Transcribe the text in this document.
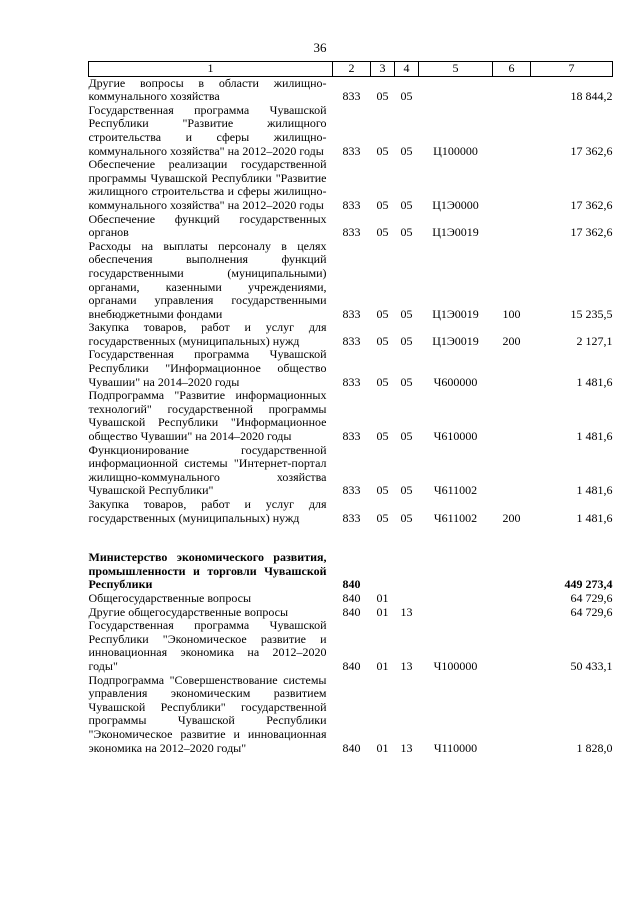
36
1	2	3	4	5	6	7
Другие вопросы в области жилищно-коммунального хозяйства	833	05	05			18 844,2
Государственная программа Чувашской Республики "Развитие жилищного строительства и сферы жилищно-коммунального хозяйства" на 2012–2020 годы	833	05	05	Ц100000		17 362,6
Обеспечение реализации государственной программы Чувашской Республики "Развитие жилищного строительства и сферы жилищно-коммунального хозяйства" на 2012–2020 годы	833	05	05	Ц1Э0000		17 362,6
Обеспечение функций государственных органов	833	05	05	Ц1Э0019		17 362,6
Расходы на выплаты персоналу в целях обеспечения выполнения функций государственными (муниципальными) органами, казенными учреждениями, органами управления государственными внебюджетными фондами	833	05	05	Ц1Э0019	100	15 235,5
Закупка товаров, работ и услуг для государственных (муниципальных) нужд	833	05	05	Ц1Э0019	200	2 127,1
Государственная программа Чувашской Республики "Информационное общество Чувашии" на 2014–2020 годы	833	05	05	Ч600000		1 481,6
Подпрограмма "Развитие информационных технологий" государственной программы Чувашской Республики "Информационное общество Чувашии" на 2014–2020 годы	833	05	05	Ч610000		1 481,6
Функционирование государственной информационной системы "Интернет-портал жилищно-коммунального хозяйства Чувашской Республики"	833	05	05	Ч611002		1 481,6
Закупка товаров, работ и услуг для государственных (муниципальных) нужд	833	05	05	Ч611002	200	1 481,6

Министерство экономического развития, промышленности и торговли Чувашской Республики	840					449 273,4
Общегосударственные вопросы	840	01				64 729,6
Другие общегосударственные вопросы	840	01	13			64 729,6
Государственная программа Чувашской Республики "Экономическое развитие и инновационная экономика на 2012–2020 годы"	840	01	13	Ч100000		50 433,1
Подпрограмма "Совершенствование системы управления экономическим развитием Чувашской Республики" государственной программы Чувашской Республики "Экономическое развитие и инновационная экономика на 2012–2020 годы"	840	01	13	Ч110000		1 828,0
